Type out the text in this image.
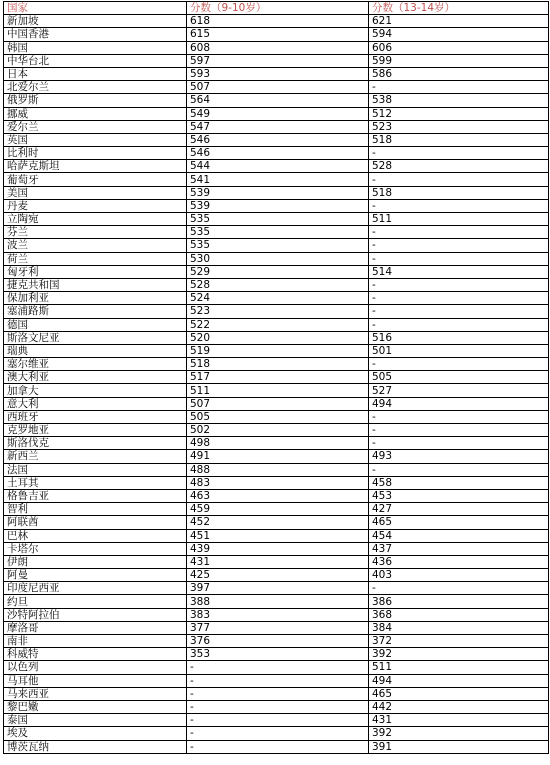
国家	分数（9-10岁）	分数（13-14岁）
新加坡	618	621
中国香港	615	594
韩国	608	606
中华台北	597	599
日本	593	586
北爱尔兰	507	-
俄罗斯	564	538
挪威	549	512
爱尔兰	547	523
英国	546	518
比利时	546	-
哈萨克斯坦	544	528
葡萄牙	541	-
美国	539	518
丹麦	539	-
立陶宛	535	511
芬兰	535	-
波兰	535	-
荷兰	530	-
匈牙利	529	514
捷克共和国	528	-
保加利亚	524	-
塞浦路斯	523	-
德国	522	-
斯洛文尼亚	520	516
瑞典	519	501
塞尔维亚	518	-
澳大利亚	517	505
加拿大	511	527
意大利	507	494
西班牙	505	-
克罗地亚	502	-
斯洛伐克	498	-
新西兰	491	493
法国	488	-
土耳其	483	458
格鲁吉亚	463	453
智利	459	427
阿联酋	452	465
巴林	451	454
卡塔尔	439	437
伊朗	431	436
阿曼	425	403
印度尼西亚	397	-
约旦	388	386
沙特阿拉伯	383	368
摩洛哥	377	384
南非	376	372
科威特	353	392
以色列	-	511
马耳他	-	494
马来西亚	-	465
黎巴嫩	-	442
泰国	-	431
埃及	-	392
博茨瓦纳	-	391
